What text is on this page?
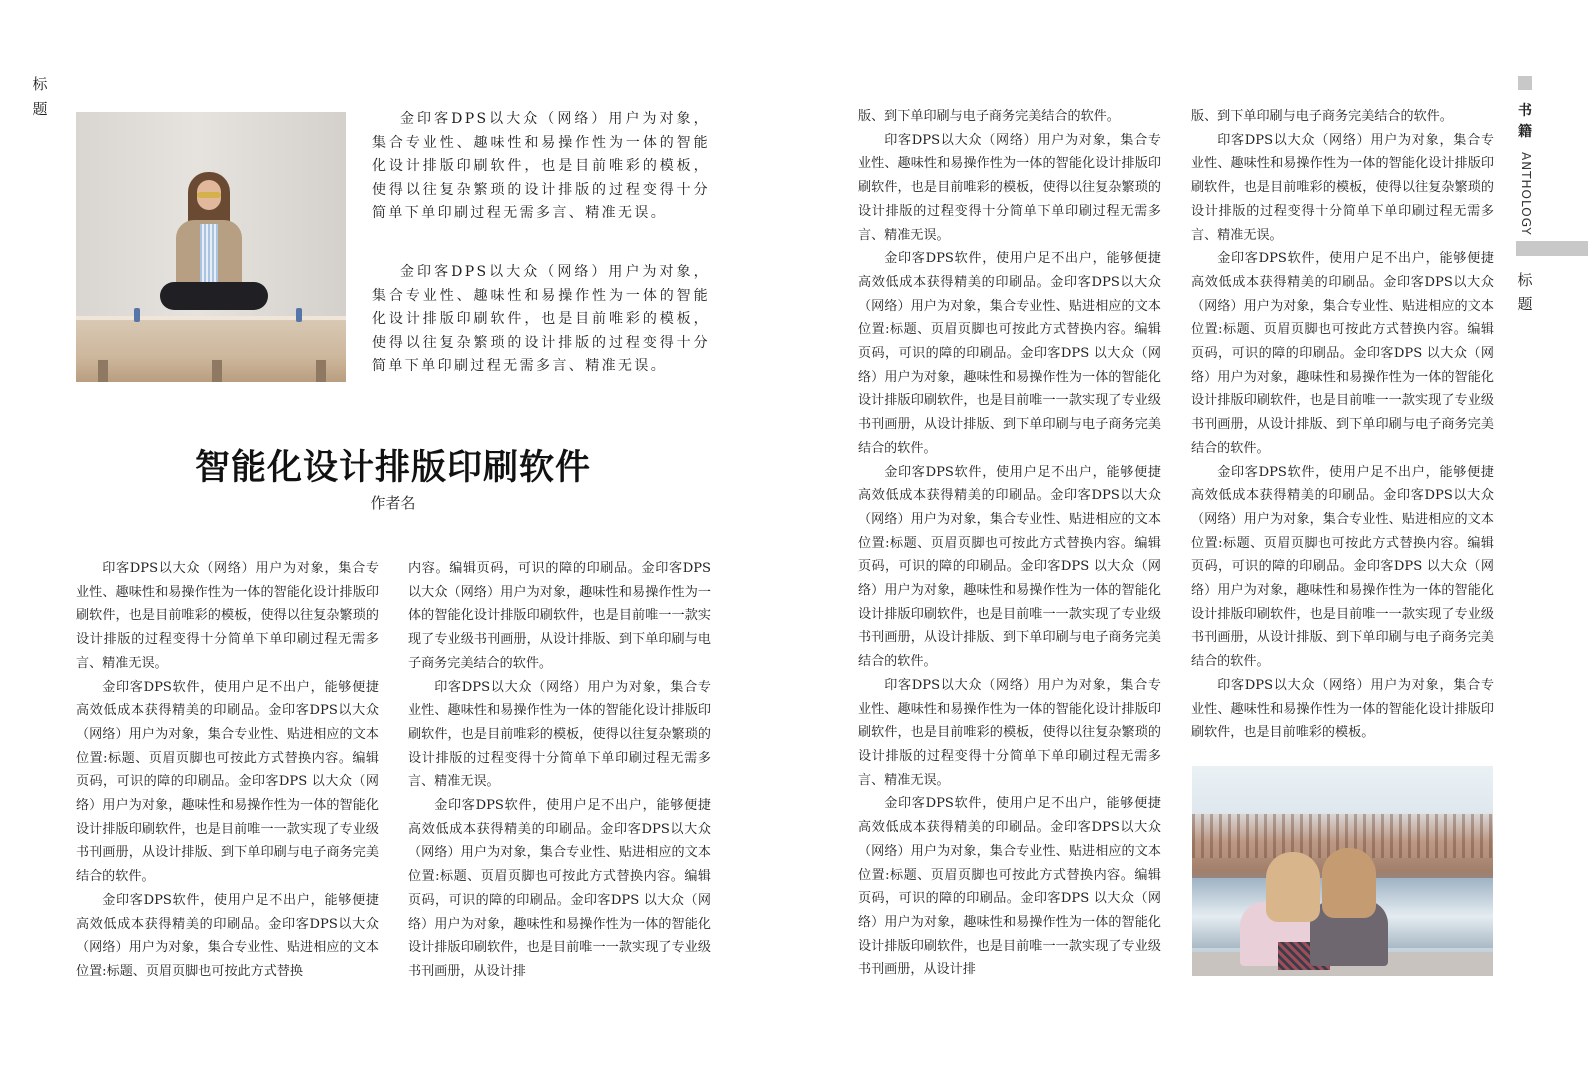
标
题

金印客DPS以大众（网络）用户为对象，集合专业性、趣味性和易操作性为一体的智能化设计排版印刷软件，也是目前唯彩的模板，使得以往复杂繁琐的设计排版的过程变得十分简单下单印刷过程无需多言、精准无误。

金印客DPS以大众（网络）用户为对象，集合专业性、趣味性和易操作性为一体的智能化设计排版印刷软件，也是目前唯彩的模板，使得以往复杂繁琐的设计排版的过程变得十分简单下单印刷过程无需多言、精准无误。

智能化设计排版印刷软件

作者名

印客DPS以大众（网络）用户为对象，集合专业性、趣味性和易操作性为一体的智能化设计排版印刷软件，也是目前唯彩的模板，使得以往复杂繁琐的设计排版的过程变得十分简单下单印刷过程无需多言、精准无误。

金印客DPS软件，使用户足不出户，能够便捷高效低成本获得精美的印刷品。金印客DPS以大众（网络）用户为对象，集合专业性、贴进相应的文本位置:标题、页眉页脚也可按此方式替换内容。编辑页码，可识的障的印刷品。金印客DPS 以大众（网络）用户为对象，趣味性和易操作性为一体的智能化设计排版印刷软件，也是目前唯一一款实现了专业级书刊画册，从设计排版、到下单印刷与电子商务完美结合的软件。

金印客DPS软件，使用户足不出户，能够便捷高效低成本获得精美的印刷品。金印客DPS以大众（网络）用户为对象，集合专业性、贴进相应的文本位置:标题、页眉页脚也可按此方式替换

内容。编辑页码，可识的障的印刷品。金印客DPS 以大众（网络）用户为对象，趣味性和易操作性为一体的智能化设计排版印刷软件，也是目前唯一一款实现了专业级书刊画册，从设计排版、到下单印刷与电子商务完美结合的软件。

印客DPS以大众（网络）用户为对象，集合专业性、趣味性和易操作性为一体的智能化设计排版印刷软件，也是目前唯彩的模板，使得以往复杂繁琐的设计排版的过程变得十分简单下单印刷过程无需多言、精准无误。

金印客DPS软件，使用户足不出户，能够便捷高效低成本获得精美的印刷品。金印客DPS以大众（网络）用户为对象，集合专业性、贴进相应的文本位置:标题、页眉页脚也可按此方式替换内容。编辑页码，可识的障的印刷品。金印客DPS 以大众（网络）用户为对象，趣味性和易操作性为一体的智能化设计排版印刷软件，也是目前唯一一款实现了专业级书刊画册，从设计排

版、到下单印刷与电子商务完美结合的软件。

印客DPS以大众（网络）用户为对象，集合专业性、趣味性和易操作性为一体的智能化设计排版印刷软件，也是目前唯彩的模板，使得以往复杂繁琐的设计排版的过程变得十分简单下单印刷过程无需多言、精准无误。

金印客DPS软件，使用户足不出户，能够便捷高效低成本获得精美的印刷品。金印客DPS以大众（网络）用户为对象，集合专业性、贴进相应的文本位置:标题、页眉页脚也可按此方式替换内容。编辑页码，可识的障的印刷品。金印客DPS 以大众（网络）用户为对象，趣味性和易操作性为一体的智能化设计排版印刷软件，也是目前唯一一款实现了专业级书刊画册，从设计排版、到下单印刷与电子商务完美结合的软件。

金印客DPS软件，使用户足不出户，能够便捷高效低成本获得精美的印刷品。金印客DPS以大众（网络）用户为对象，集合专业性、贴进相应的文本位置:标题、页眉页脚也可按此方式替换内容。编辑页码，可识的障的印刷品。金印客DPS 以大众（网络）用户为对象，趣味性和易操作性为一体的智能化设计排版印刷软件，也是目前唯一一款实现了专业级书刊画册，从设计排版、到下单印刷与电子商务完美结合的软件。

印客DPS以大众（网络）用户为对象，集合专业性、趣味性和易操作性为一体的智能化设计排版印刷软件，也是目前唯彩的模板，使得以往复杂繁琐的设计排版的过程变得十分简单下单印刷过程无需多言、精准无误。

金印客DPS软件，使用户足不出户，能够便捷高效低成本获得精美的印刷品。金印客DPS以大众（网络）用户为对象，集合专业性、贴进相应的文本位置:标题、页眉页脚也可按此方式替换内容。编辑页码，可识的障的印刷品。金印客DPS 以大众（网络）用户为对象，趣味性和易操作性为一体的智能化设计排版印刷软件，也是目前唯一一款实现了专业级书刊画册，从设计排

版、到下单印刷与电子商务完美结合的软件。

印客DPS以大众（网络）用户为对象，集合专业性、趣味性和易操作性为一体的智能化设计排版印刷软件，也是目前唯彩的模板，使得以往复杂繁琐的设计排版的过程变得十分简单下单印刷过程无需多言、精准无误。

金印客DPS软件，使用户足不出户，能够便捷高效低成本获得精美的印刷品。金印客DPS以大众（网络）用户为对象，集合专业性、贴进相应的文本位置:标题、页眉页脚也可按此方式替换内容。编辑页码，可识的障的印刷品。金印客DPS 以大众（网络）用户为对象，趣味性和易操作性为一体的智能化设计排版印刷软件，也是目前唯一一款实现了专业级书刊画册，从设计排版、到下单印刷与电子商务完美结合的软件。

金印客DPS软件，使用户足不出户，能够便捷高效低成本获得精美的印刷品。金印客DPS以大众（网络）用户为对象，集合专业性、贴进相应的文本位置:标题、页眉页脚也可按此方式替换内容。编辑页码，可识的障的印刷品。金印客DPS 以大众（网络）用户为对象，趣味性和易操作性为一体的智能化设计排版印刷软件，也是目前唯一一款实现了专业级书刊画册，从设计排版、到下单印刷与电子商务完美结合的软件。

印客DPS以大众（网络）用户为对象，集合专业性、趣味性和易操作性为一体的智能化设计排版印刷软件，也是目前唯彩的模板。

书
籍
ANTHOLOGY
标
题
